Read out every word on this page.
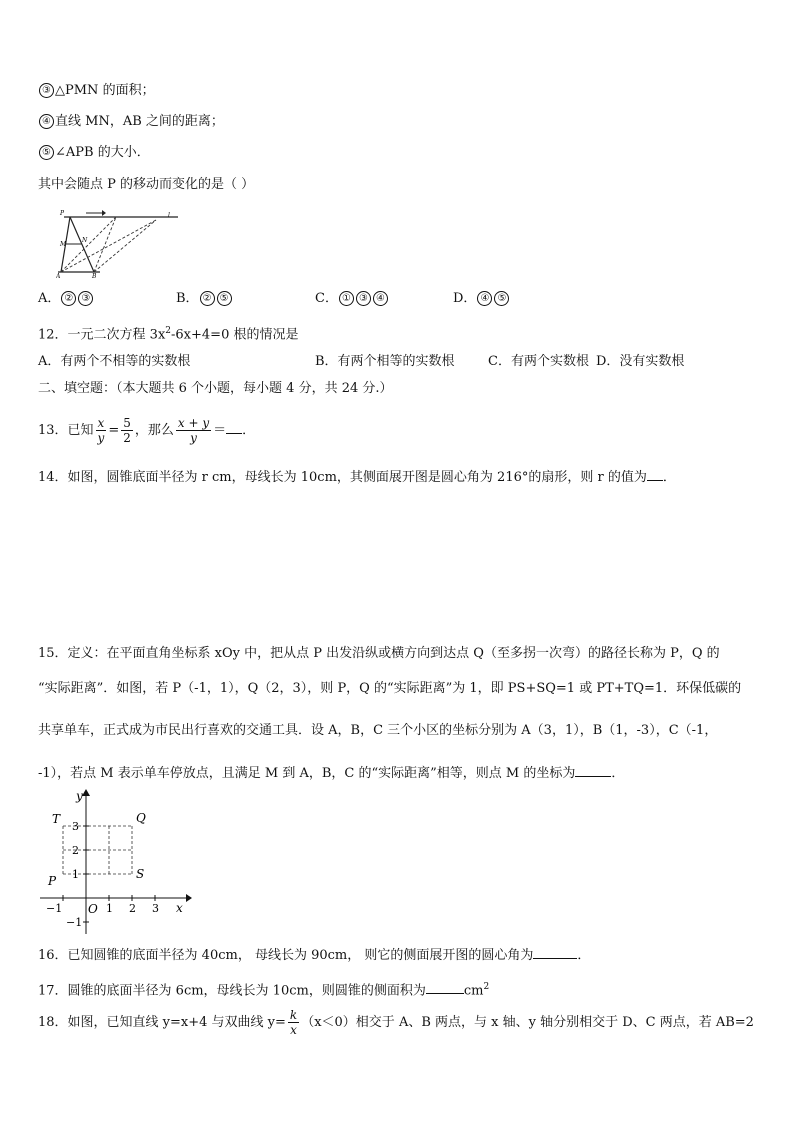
③ △PMN 的面积；
④ 直线 MN，AB 之间的距离；
⑤ ∠APB 的大小．
其中会随点 P 的移动而变化的是（ ）
P
M
N
A	B
l
A． ② ③	B． ② ⑤	C． ① ③ ④	D． ④ ⑤
12．一元二次方程 $3x^2-6x+4=0$ 根的情况是
A．有两个不相等的实数根	B．有两个相等的实数根	C．有两个实数根 D．没有实数根
二、填空题：（本大题共 6 个小题，每小题 4 分，共 24 分.）
13．已知 $\frac{x}{y} = \frac{5}{2}$ ，那么 $\frac{x + y}{y}$ ＝ ．
14．如图，圆锥底面半径为 r cm，母线长为 10cm，其侧面展开图是圆心角为 216°的扇形，则 r 的值为 ．
15．定义：在平面直角坐标系 xOy 中，把从点 P 出发沿纵或横方向到达点 Q（至多拐一次弯）的路径长称为 P，Q 的
“实际距离”．如图，若 P（-1，1），Q（2，3），则 P，Q 的“实际距离”为 1，即 PS+SQ=1 或 PT+TQ=1．环保低碳的
共享单车，正式成为市民出行喜欢的交通工具．设 A，B，C 三个小区的坐标分别为 A（3，1），B（1，-3），C（-1，
-1），若点 M 表示单车停放点，且满足 M 到 A，B，C 的“实际距离”相等，则点 M 的坐标为	．
y
x
O
T	Q
P	S
3
2
1
−1
−1	1 2 3
16．已知圆锥的底面半径为 40cm， 母线长为 90cm， 则它的侧面展开图的圆心角为	．
17．圆锥的底面半径为 6cm，母线长为 10cm，则圆锥的侧面积为	$cm^2$
18．如图，已知直线 y=x+4 与双曲线 $y= \frac{k}{x} (x<0)$相交于 A、B 两点，与 x 轴、y 轴分别相交于 D、C 两点，若 AB=2
